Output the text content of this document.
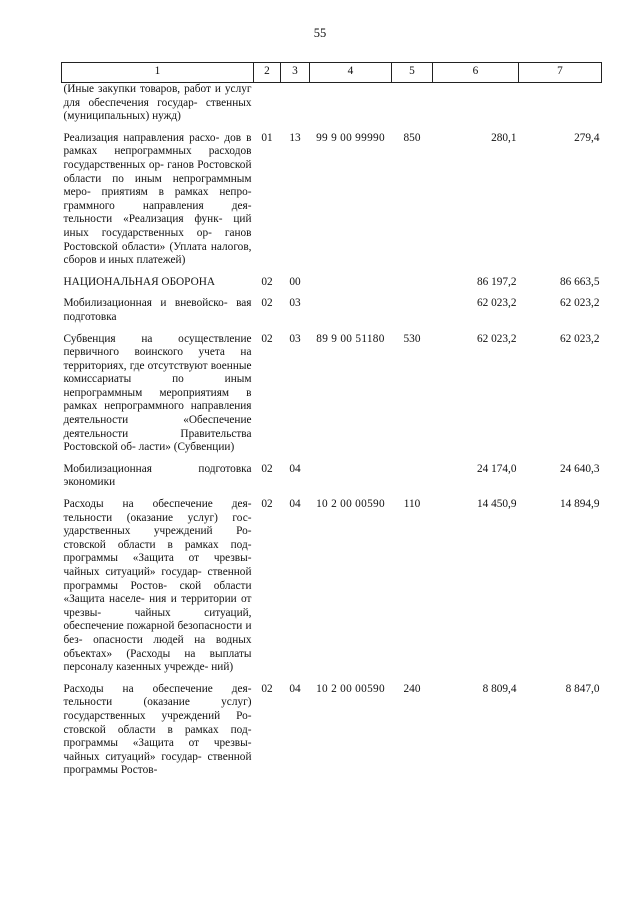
55
1	2	3	4	5	6	7
(Иные закупки товаров, работ и услуг для обеспечения государ- ственных (муниципальных) нужд)						
Реализация направления расхо- дов в рамках непрограммных расходов государственных ор- ганов Ростовской области по иным непрограммным меро- приятиям в рамках непро- граммного направления дея- тельности «Реализация функ- ций иных государственных ор- ганов Ростовской области» (Уплата налогов, сборов и иных платежей)	01	13	99 9 00 99990	850	280,1	279,4
НАЦИОНАЛЬНАЯ ОБОРОНА	02	00			86 197,2	86 663,5
Мобилизационная и вневойско- вая подготовка	02	03			62 023,2	62 023,2
Субвенция на осуществление первичного воинского учета на территориях, где отсутствуют военные комиссариаты по иным непрограммным мероприятиям в рамках непрограммного направления деятельности «Обеспечение деятельности Правительства Ростовской об- ласти» (Субвенции)	02	03	89 9 00 51180	530	62 023,2	62 023,2
Мобилизационная подготовка экономики	02	04			24 174,0	24 640,3
Расходы на обеспечение дея- тельности (оказание услуг) гос- ударственных учреждений Ро- стовской области в рамках под- программы «Защита от чрезвы- чайных ситуаций» государ- ственной программы Ростов- ской области «Защита населе- ния и территории от чрезвы- чайных ситуаций, обеспечение пожарной безопасности и без- опасности людей на водных объектах» (Расходы на выплаты персоналу казенных учрежде- ний)	02	04	10 2 00 00590	110	14 450,9	14 894,9
Расходы на обеспечение дея- тельности (оказание услуг) государственных учреждений Ро- стовской области в рамках под- программы «Защита от чрезвы- чайных ситуаций» государ- ственной программы Ростов-	02	04	10 2 00 00590	240	8 809,4	8 847,0
